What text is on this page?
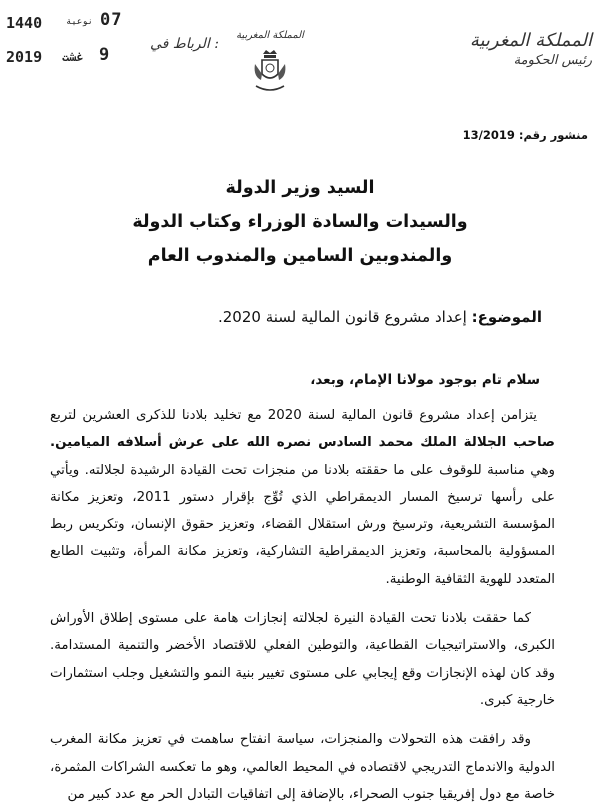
1440	نوعية 07
2019 غشت 9
الرباط في :
المملكة المغربية	المملكة المغربية
رئيس الحكومة
منشور رقم: 13/2019
السيد وزير الدولة
والسيدات والسادة الوزراء وكتاب الدولة
والمندوبين السامين والمندوب العام
الموضوع: إعداد مشروع قانون المالية لسنة 2020.
سلام تام بوجود مولانا الإمام، وبعد،

يتزامن إعداد مشروع قانون المالية لسنة 2020 مع تخليد بلادنا للذكرى العشرين لتربع صاحب الجلالة الملك محمد السادس نصره الله على عرش أسلافه الميامين. وهي مناسبة للوقوف على ما حققته بلادنا من منجزات تحت القيادة الرشيدة لجلالته. ويأتي على رأسها ترسيخ المسار الديمقراطي الذي تُوِّج بإقرار دستور 2011، وتعزيز مكانة المؤسسة التشريعية، وترسيخ ورش استقلال القضاء، وتعزيز حقوق الإنسان، وتكريس ربط المسؤولية بالمحاسبة، وتعزيز الديمقراطية التشاركية، وتعزيز مكانة المرأة، وتثبيت الطابع المتعدد للهوية الثقافية الوطنية.

كما حققت بلادنا تحت القيادة النيرة لجلالته إنجازات هامة على مستوى إطلاق الأوراش الكبرى، والاستراتيجيات القطاعية، والتوطين الفعلي للاقتصاد الأخضر والتنمية المستدامة. وقد كان لهذه الإنجازات وقع إيجابي على مستوى تغيير بنية النمو والتشغيل وجلب استثمارات خارجية كبرى.

وقد رافقت هذه التحولات والمنجزات، سياسة انفتاح ساهمت في تعزيز مكانة المغرب الدولية والاندماج التدريجي لاقتصاده في المحيط العالمي، وهو ما تعكسه الشراكات المثمرة، خاصة مع دول إفريقيا جنوب الصحراء، بالإضافة إلى اتفاقيات التبادل الحر مع عدد كبير من
